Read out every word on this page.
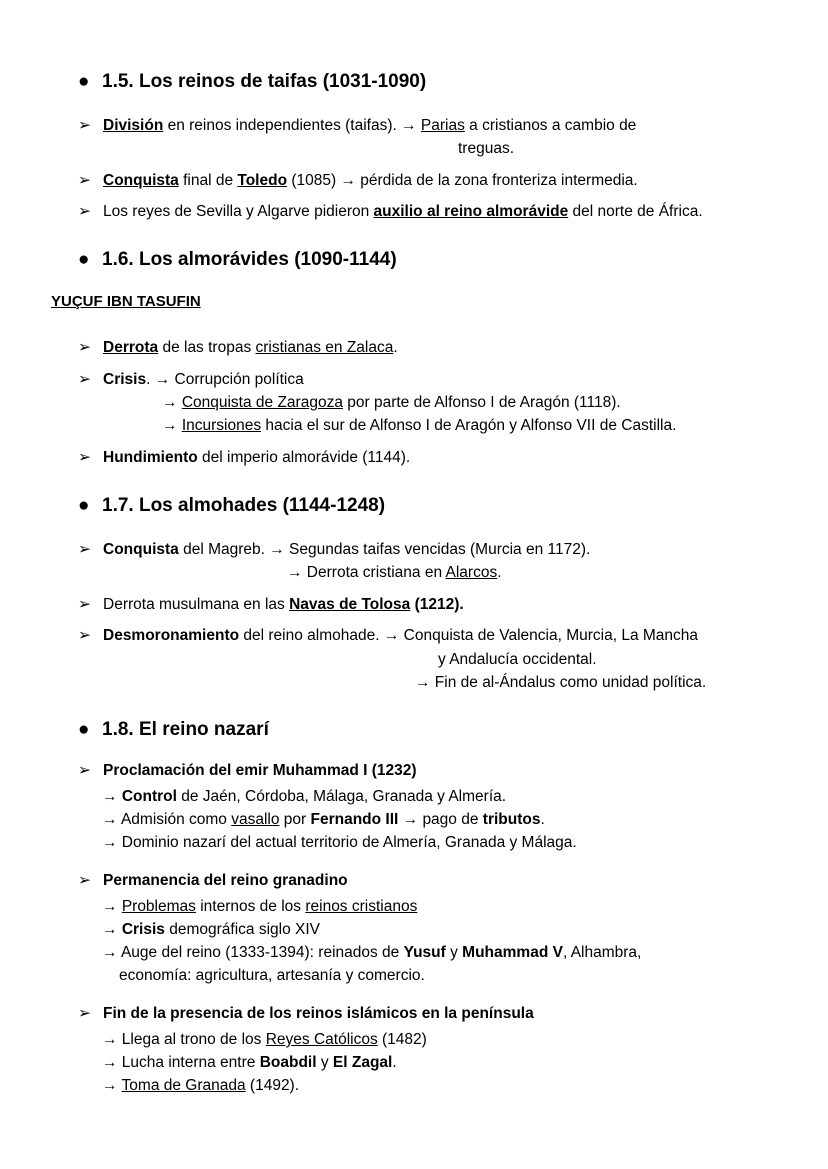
● 1.5. Los reinos de taifas (1031-1090)
➢ División en reinos independientes (taifas). → Parias a cristianos a cambio de
treguas.
➢ Conquista final de Toledo (1085) → pérdida de la zona fronteriza intermedia.
➢ Los reyes de Sevilla y Algarve pidieron auxilio al reino almorávide del norte de África.
● 1.6. Los almorávides (1090-1144)
YUÇUF IBN TASUFIN
➢ Derrota de las tropas cristianas en Zalaca.
➢ Crisis. → Corrupción política
→ Conquista de Zaragoza por parte de Alfonso I de Aragón (1118).
→ Incursiones hacia el sur de Alfonso I de Aragón y Alfonso VII de Castilla.
➢ Hundimiento del imperio almorávide (1144).
● 1.7. Los almohades (1144-1248)
➢ Conquista del Magreb. → Segundas taifas vencidas (Murcia en 1172).
→ Derrota cristiana en Alarcos.
➢ Derrota musulmana en las Navas de Tolosa (1212).
➢ Desmoronamiento del reino almohade. → Conquista de Valencia, Murcia, La Mancha
y Andalucía occidental.
→ Fin de al-Ándalus como unidad política.
● 1.8. El reino nazarí
➢ Proclamación del emir Muhammad I (1232)
→ Control de Jaén, Córdoba, Málaga, Granada y Almería.
→ Admisión como vasallo por Fernando III → pago de tributos.
→ Dominio nazarí del actual territorio de Almería, Granada y Málaga.
➢ Permanencia del reino granadino
→ Problemas internos de los reinos cristianos
→ Crisis demográfica siglo XIV
→ Auge del reino (1333-1394): reinados de Yusuf y Muhammad V, Alhambra,
economía: agricultura, artesanía y comercio.
➢ Fin de la presencia de los reinos islámicos en la península
→ Llega al trono de los Reyes Católicos (1482)
→ Lucha interna entre Boabdil y El Zagal.
→ Toma de Granada (1492).
